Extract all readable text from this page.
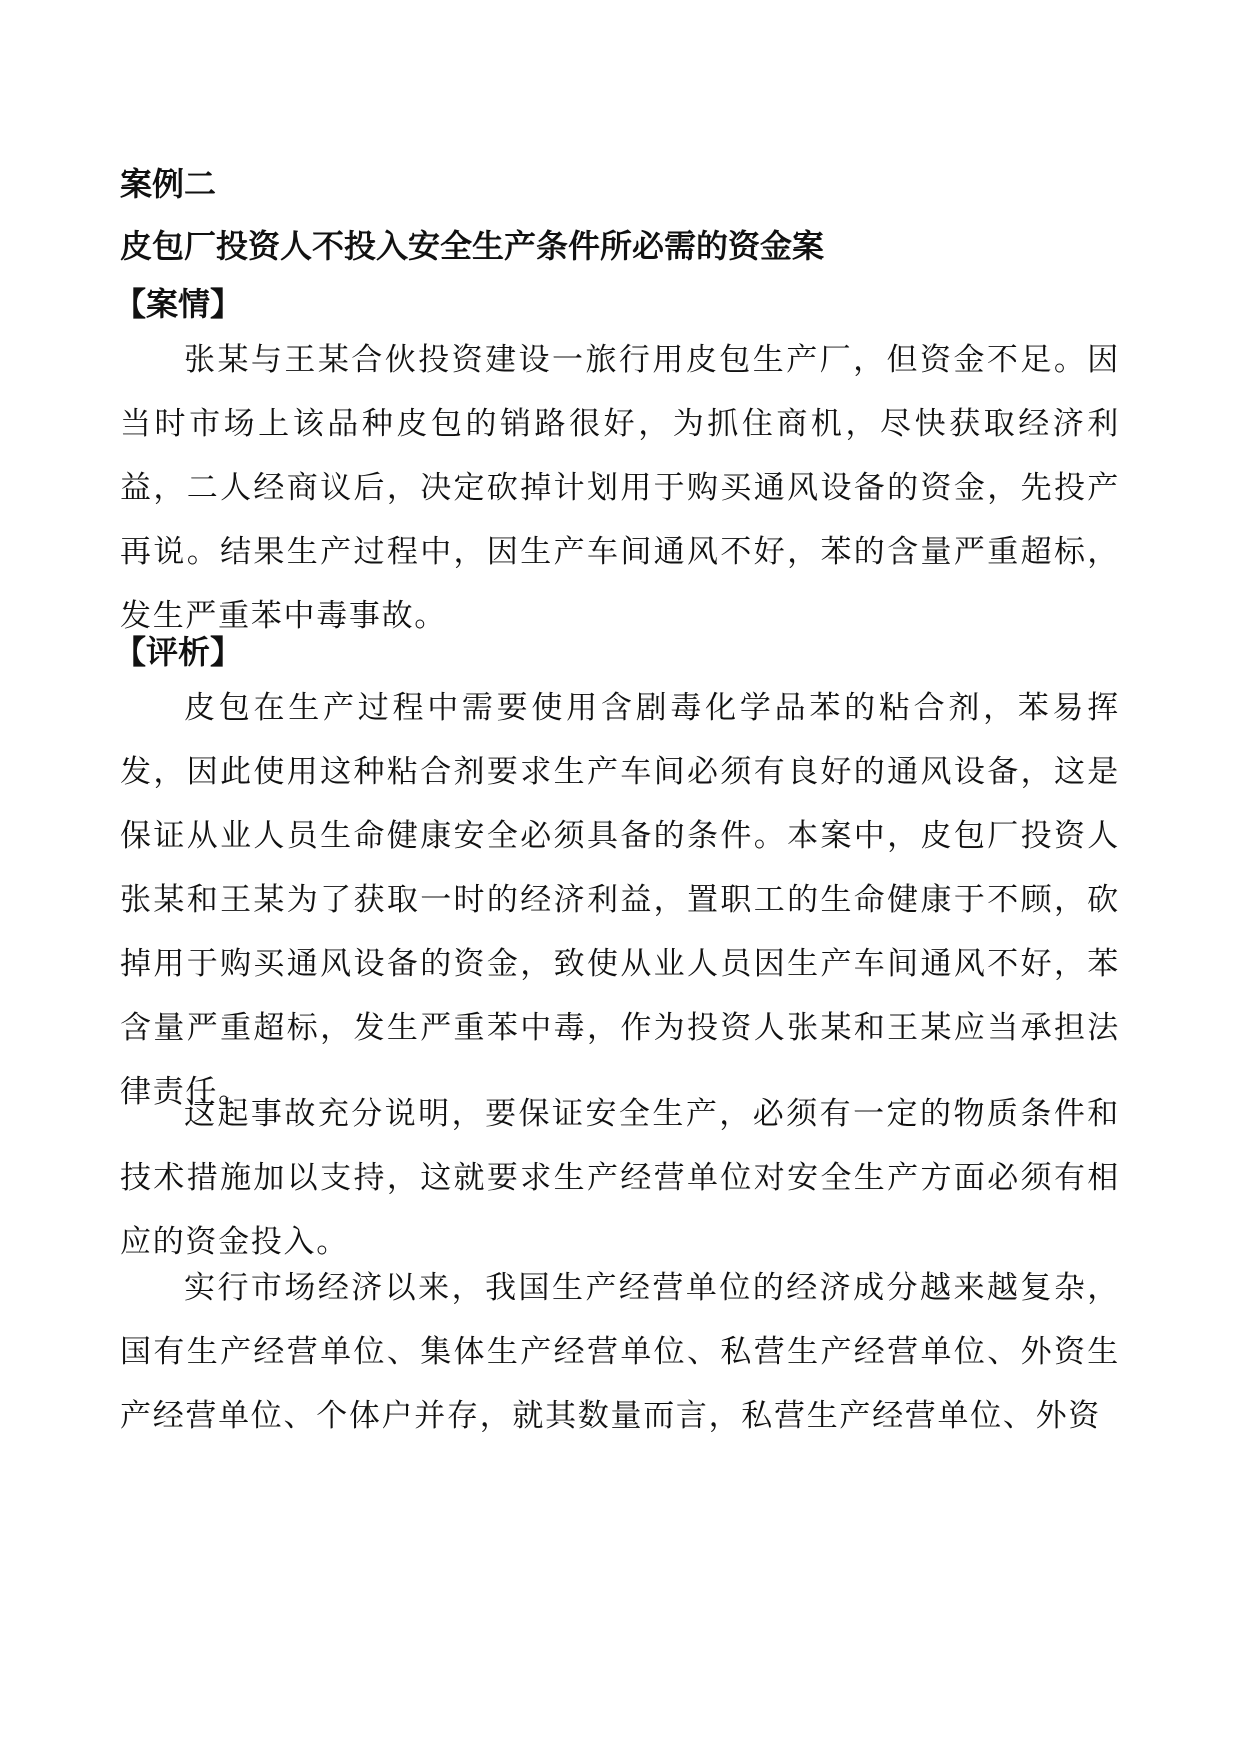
案例二
皮包厂投资人不投入安全生产条件所必需的资金案
【案情】

张某与王某合伙投资建设一旅行用皮包生产厂，但资金不足。因当时市场上该品种皮包的销路很好，为抓住商机，尽快获取经济利益，二人经商议后，决定砍掉计划用于购买通风设备的资金，先投产再说。结果生产过程中，因生产车间通风不好，苯的含量严重超标，发生严重苯中毒事故。

【评析】

皮包在生产过程中需要使用含剧毒化学品苯的粘合剂，苯易挥发，因此使用这种粘合剂要求生产车间必须有良好的通风设备，这是保证从业人员生命健康安全必须具备的条件。本案中，皮包厂投资人张某和王某为了获取一时的经济利益，置职工的生命健康于不顾，砍掉用于购买通风设备的资金，致使从业人员因生产车间通风不好，苯含量严重超标，发生严重苯中毒，作为投资人张某和王某应当承担法律责任。

这起事故充分说明，要保证安全生产，必须有一定的物质条件和技术措施加以支持，这就要求生产经营单位对安全生产方面必须有相应的资金投入。

实行市场经济以来，我国生产经营单位的经济成分越来越复杂，国有生产经营单位、集体生产经营单位、私营生产经营单位、外资生产经营单位、个体户并存，就其数量而言，私营生产经营单位、外资
